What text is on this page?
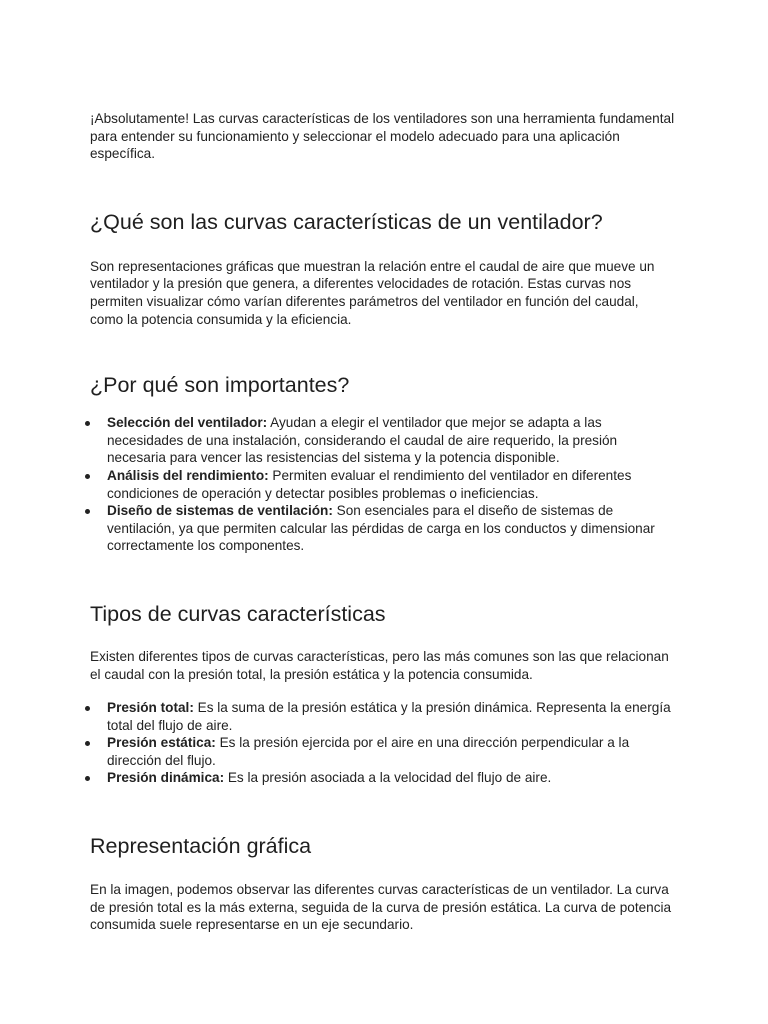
¡Absolutamente! Las curvas características de los ventiladores son una herramienta fundamental para entender su funcionamiento y seleccionar el modelo adecuado para una aplicación específica.

¿Qué son las curvas características de un ventilador?

Son representaciones gráficas que muestran la relación entre el caudal de aire que mueve un ventilador y la presión que genera, a diferentes velocidades de rotación. Estas curvas nos permiten visualizar cómo varían diferentes parámetros del ventilador en función del caudal, como la potencia consumida y la eficiencia.

¿Por qué son importantes?
Selección del ventilador: Ayudan a elegir el ventilador que mejor se adapta a las necesidades de una instalación, considerando el caudal de aire requerido, la presión necesaria para vencer las resistencias del sistema y la potencia disponible.
Análisis del rendimiento: Permiten evaluar el rendimiento del ventilador en diferentes condiciones de operación y detectar posibles problemas o ineficiencias.
Diseño de sistemas de ventilación: Son esenciales para el diseño de sistemas de ventilación, ya que permiten calcular las pérdidas de carga en los conductos y dimensionar correctamente los componentes.
Tipos de curvas características

Existen diferentes tipos de curvas características, pero las más comunes son las que relacionan el caudal con la presión total, la presión estática y la potencia consumida.

Presión total: Es la suma de la presión estática y la presión dinámica. Representa la energía total del flujo de aire.
Presión estática: Es la presión ejercida por el aire en una dirección perpendicular a la dirección del flujo.
Presión dinámica: Es la presión asociada a la velocidad del flujo de aire.
Representación gráfica

En la imagen, podemos observar las diferentes curvas características de un ventilador. La curva de presión total es la más externa, seguida de la curva de presión estática. La curva de potencia consumida suele representarse en un eje secundario.
